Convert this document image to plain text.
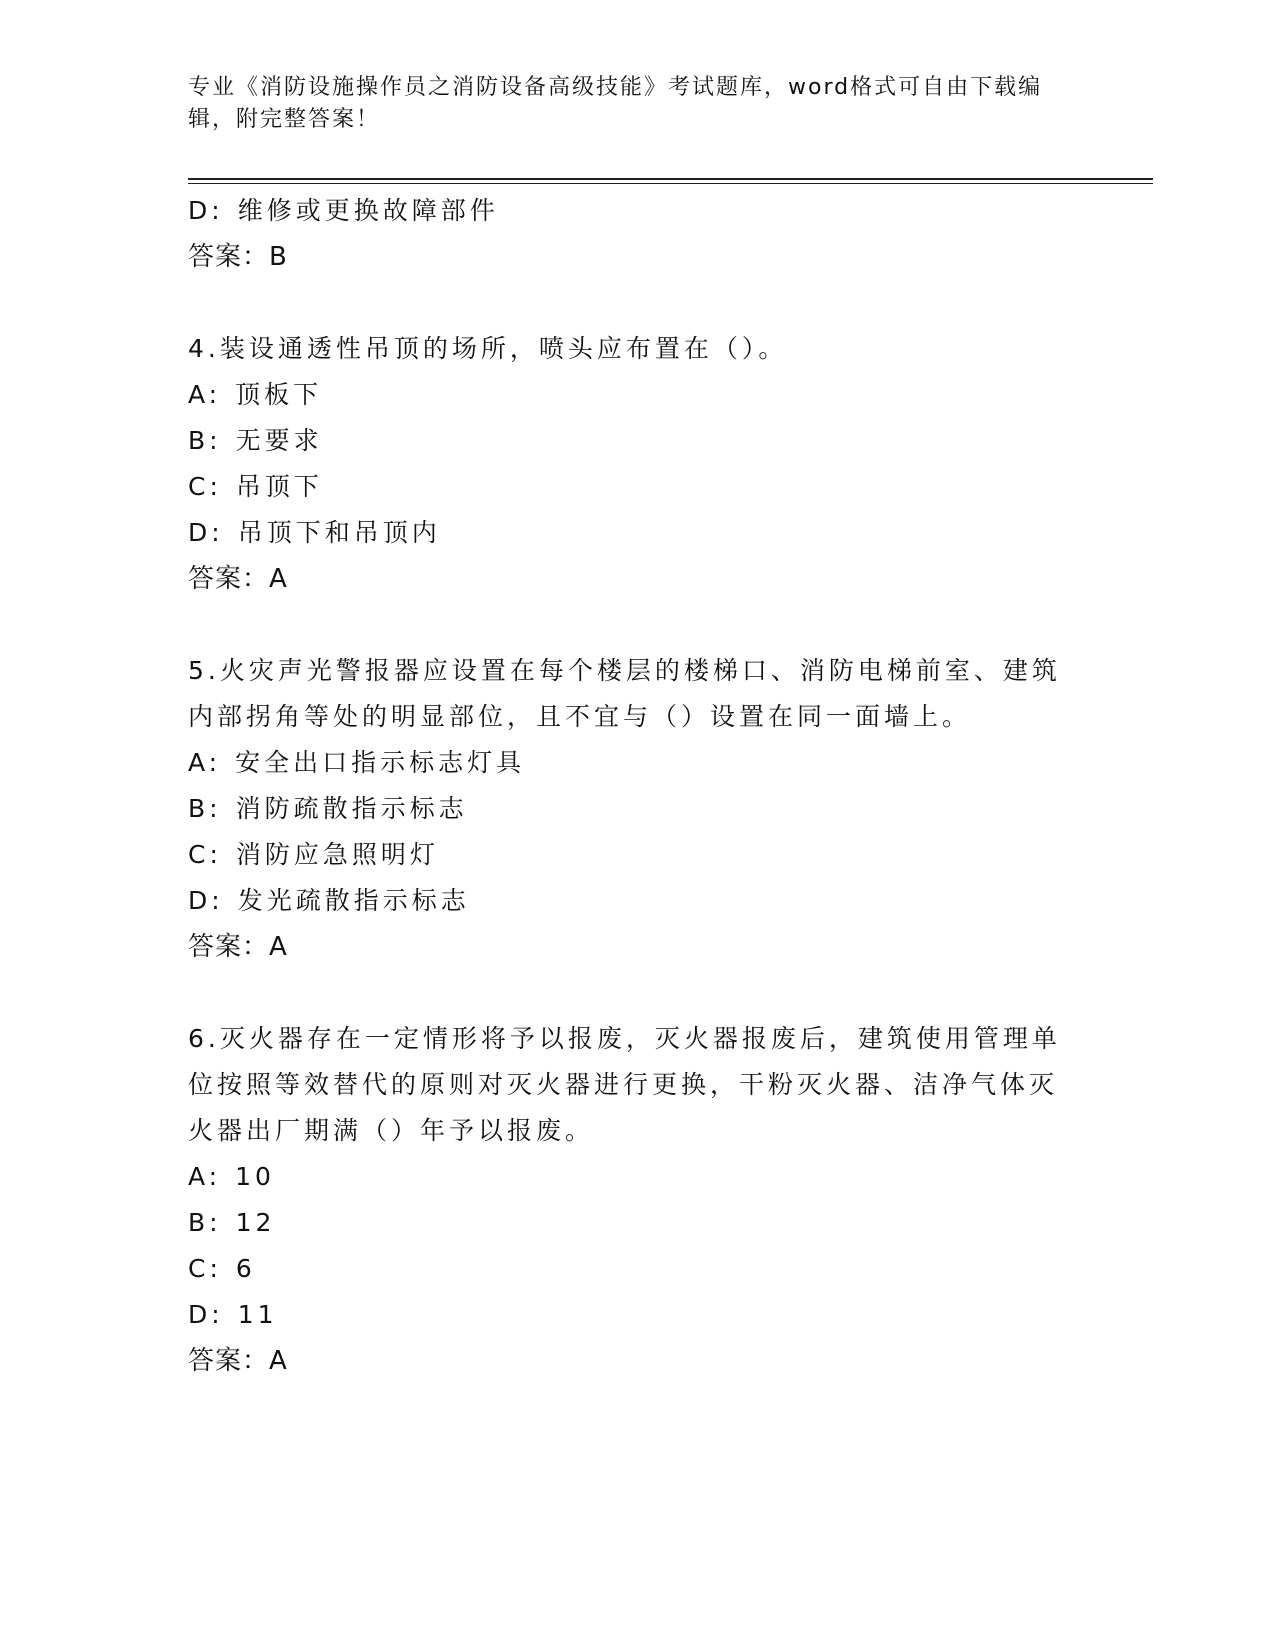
专业《消防设施操作员之消防设备高级技能》考试题库，word格式可自由下载编辑，附完整答案！
D: 维修或更换故障部件
答案：B
4.装设通透性吊顶的场所，喷头应布置在（）。
A: 顶板下
B: 无要求
C: 吊顶下
D: 吊顶下和吊顶内
答案：A
5.火灾声光警报器应设置在每个楼层的楼梯口、消防电梯前室、建筑内部拐角等处的明显部位，且不宜与（）设置在同一面墙上。
A: 安全出口指示标志灯具
B: 消防疏散指示标志
C: 消防应急照明灯
D: 发光疏散指示标志
答案：A
6.灭火器存在一定情形将予以报废，灭火器报废后，建筑使用管理单位按照等效替代的原则对灭火器进行更换，干粉灭火器、洁净气体灭火器出厂期满（）年予以报废。
A: 10
B: 12
C: 6
D: 11
答案：A
